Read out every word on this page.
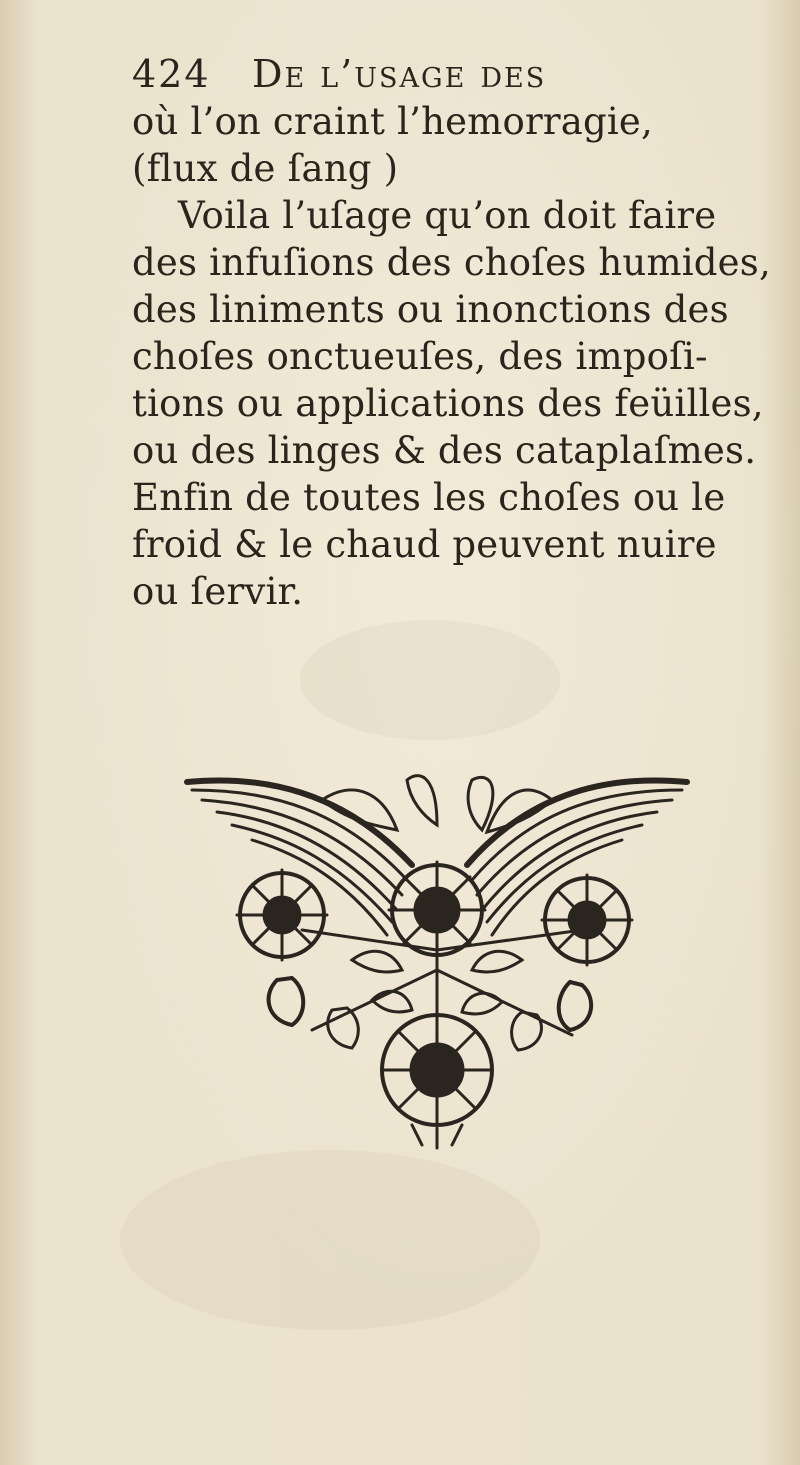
424 De l’usage des
où l’on craint l’hemorragie,
(flux de ſang )
Voila l’uſage qu’on doit faire
des infuſions des choſes humides,
des liniments ou inonctions des
choſes onctueuſes, des impoſi-
tions ou applications des feüilles,
ou des linges & des cataplaſmes.
Enfin de toutes les choſes ou le
froid & le chaud peuvent nuire
ou ſervir.
